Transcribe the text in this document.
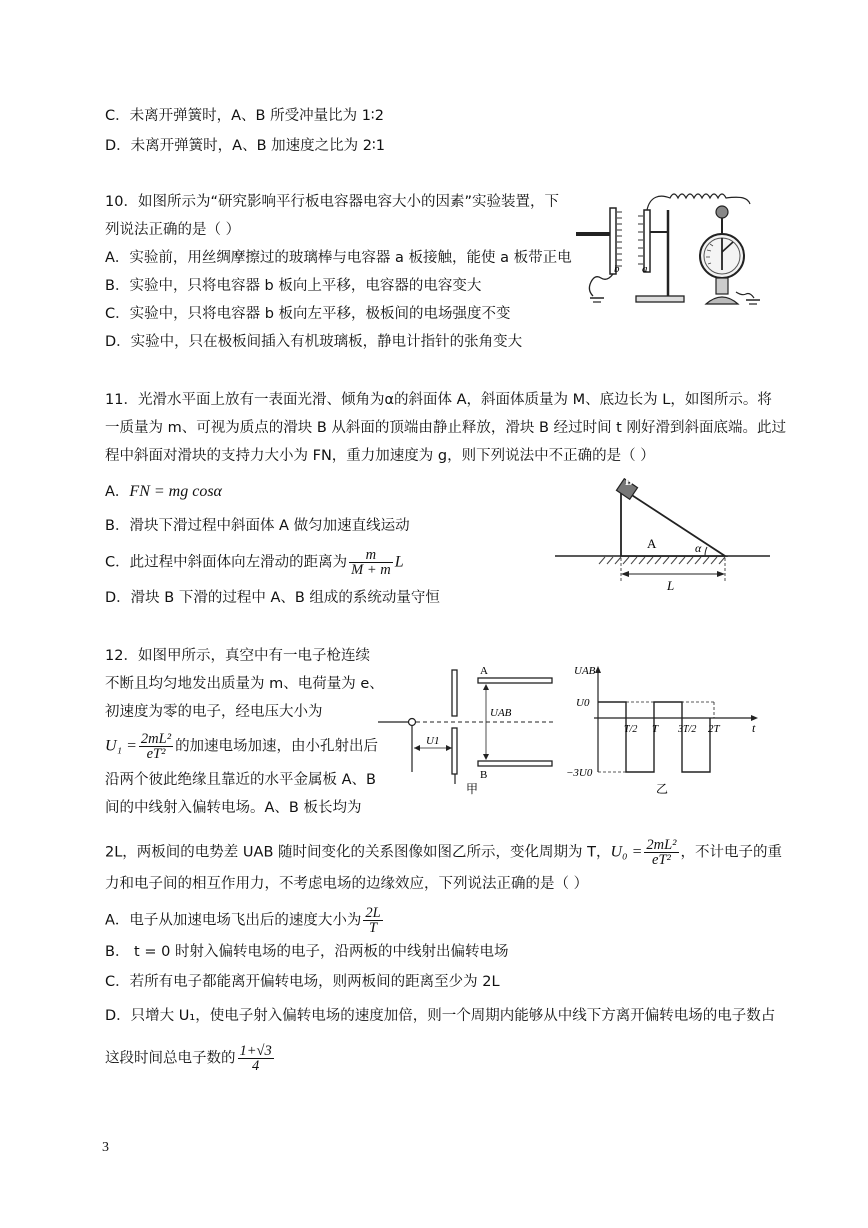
C．未离开弹簧时，A、B 所受冲量比为 1∶2
D．未离开弹簧时，A、B 加速度之比为 2∶1
10．如图所示为“研究影响平行板电容器电容大小的因素”实验装置，下
列说法正确的是（ ）
A．实验前，用丝绸摩擦过的玻璃棒与电容器 a 板接触，能使 a 板带正电
B．实验中，只将电容器 b 板向上平移，电容器的电容变大
C．实验中，只将电容器 b 板向左平移，极板间的电场强度不变
D．实验中，只在极板间插入有机玻璃板，静电计指针的张角变大
b a
11．光滑水平面上放有一表面光滑、倾角为α的斜面体 A，斜面体质量为 M、底边长为 L，如图所示。将
一质量为 m、可视为质点的滑块 B 从斜面的顶端由静止释放，滑块 B 经过时间 t 刚好滑到斜面底端。此过
程中斜面对滑块的支持力大小为 FN，重力加速度为 g，则下列说法中不正确的是（ ）
A．FN = mg cosα
B．滑块下滑过程中斜面体 A 做匀加速直线运动
C．此过程中斜面体向左滑动的距离为 $\frac{m}{M + m}$ L
D．滑块 B 下滑的过程中 A、B 组成的系统动量守恒
B
A	α
L
12．如图甲所示，真空中有一电子枪连续
不断且均匀地发出质量为 m、电荷量为 e、
初速度为零的电子，经电压大小为
$U_1 = \frac{\text{2mL²}}{\text{eT²}}$ 的加速电场加速，由小孔射出后
沿两个彼此绝缘且靠近的水平金属板 A、B
间的中线射入偏转电场。A、B 板长均为
2L，两板间的电势差 UAB 随时间变化的关系图像如图乙所示，变化周期为 T，$U_0 = \frac{\text{2mL²}}{\text{eT²}}$ ，不计电子的重
力和电子间的相互作用力，不考虑电场的边缘效应，下列说法正确的是（ ）
A．电子从加速电场飞出后的速度大小为 $\frac{2L}{T}$
B． t = 0 时射入偏转电场的电子，沿两板的中线射出偏转电场
C．若所有电子都能离开偏转电场，则两板间的距离至少为 2L
D．只增大 U₁，使电子射入偏转电场的速度加倍，则一个周期内能够从中线下方离开偏转电场的电子数占
这段时间总电子数的 $\frac{1+√3}{4}$
U1
A
B
UAB
甲
UAB
t
U0
−3U0
T/2 T 3T/2 2T
乙
3
